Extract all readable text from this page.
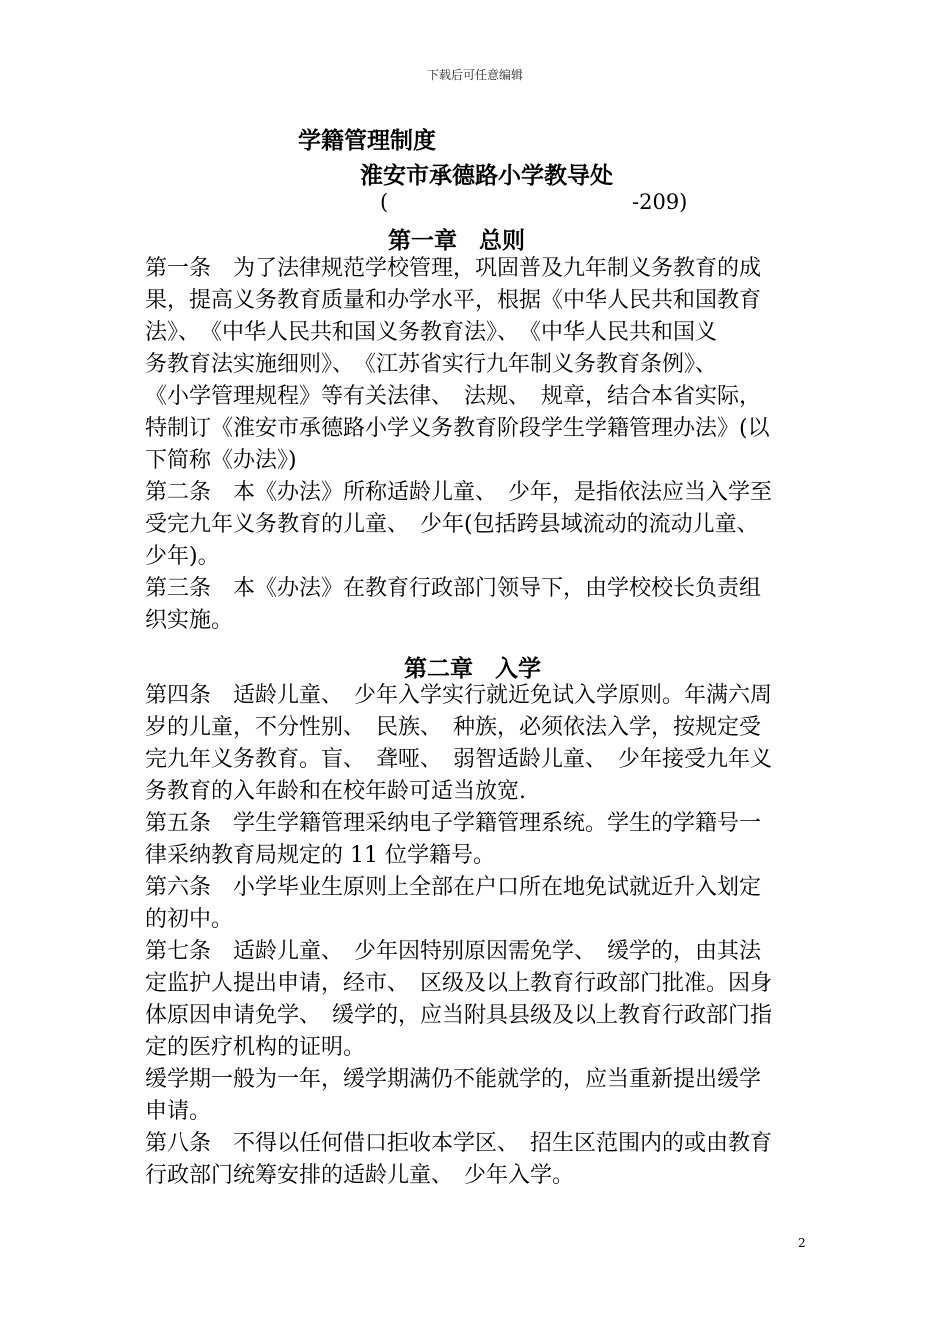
下载后可任意编辑
学籍管理制度
淮安市承德路小学教导处
(	-209)
第一章 总则
第一条　为了法律规范学校管理，巩固普及九年制义务教育的成
果，提高义务教育质量和办学水平，根据《中华人民共和国教育
法》、　《中华人民共和国义务教育法》、　《中华人民共和国义
务教育法实施细则》、　《江苏省实行九年制义务教育条例》、
《小学管理规程》等有关法律、　法规、　规章，结合本省实际，
特制订《淮安市承德路小学义务教育阶段学生学籍管理办法》(以
下简称《办法》)
第二条　本《办法》所称适龄儿童、　少年，是指依法应当入学至
受完九年义务教育的儿童、　少年(包括跨县域流动的流动儿童、
少年)。
第三条　本《办法》在教育行政部门领导下，由学校校长负责组
织实施。
第二章 入学
第四条　适龄儿童、　少年入学实行就近免试入学原则。年满六周
岁的儿童，不分性别、　民族、　种族，必须依法入学，按规定受
完九年义务教育。盲、　聋哑、　弱智适龄儿童、　少年接受九年义
务教育的入年龄和在校年龄可适当放宽.
第五条　学生学籍管理采纳电子学籍管理系统。学生的学籍号一
律采纳教育局规定的 11 位学籍号。
第六条　小学毕业生原则上全部在户口所在地免试就近升入划定
的初中。
第七条　适龄儿童、　少年因特别原因需免学、　缓学的，由其法
定监护人提出申请，经市、　区级及以上教育行政部门批准。因身
体原因申请免学、　缓学的，应当附具县级及以上教育行政部门指
定的医疗机构的证明。
缓学期一般为一年，缓学期满仍不能就学的，应当重新提出缓学
申请。
第八条　不得以任何借口拒收本学区、　招生区范围内的或由教育
行政部门统筹安排的适龄儿童、　少年入学。
2
